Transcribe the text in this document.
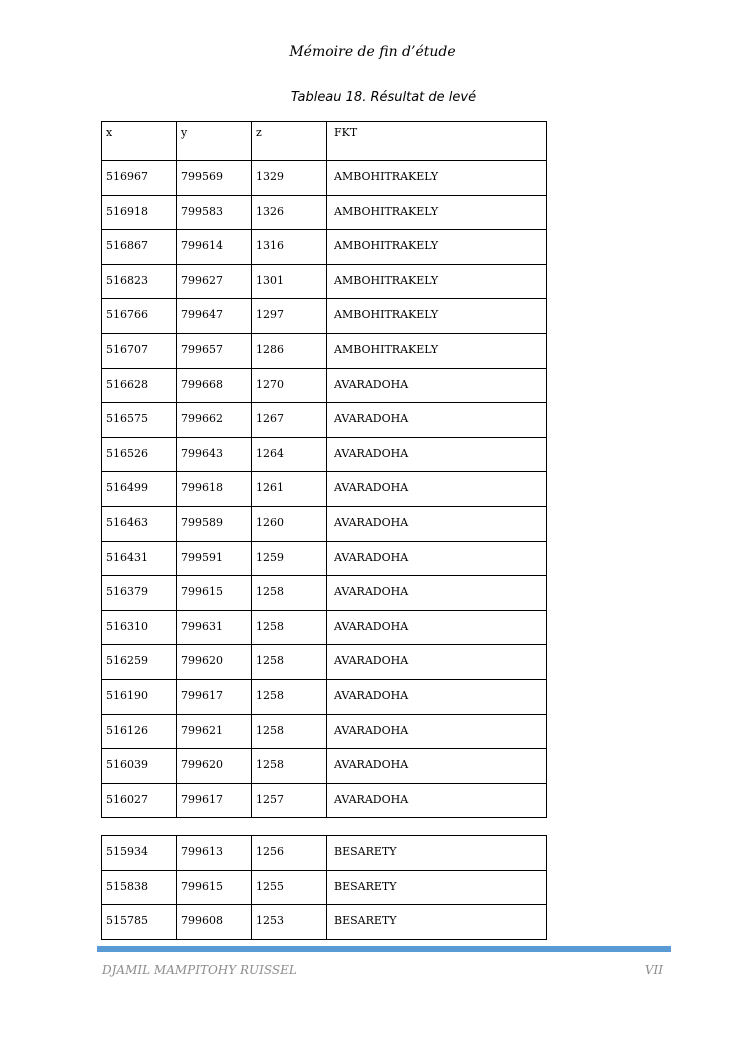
Mémoire de fin d’étude
Tableau 18. Résultat de levé
x	y	z	FKT
516967	799569	1329	AMBOHITRAKELY
516918	799583	1326	AMBOHITRAKELY
516867	799614	1316	AMBOHITRAKELY
516823	799627	1301	AMBOHITRAKELY
516766	799647	1297	AMBOHITRAKELY
516707	799657	1286	AMBOHITRAKELY
516628	799668	1270	AVARADOHA
516575	799662	1267	AVARADOHA
516526	799643	1264	AVARADOHA
516499	799618	1261	AVARADOHA
516463	799589	1260	AVARADOHA
516431	799591	1259	AVARADOHA
516379	799615	1258	AVARADOHA
516310	799631	1258	AVARADOHA
516259	799620	1258	AVARADOHA
516190	799617	1258	AVARADOHA
516126	799621	1258	AVARADOHA
516039	799620	1258	AVARADOHA
516027	799617	1257	AVARADOHA
515934	799613	1256	BESARETY
515838	799615	1255	BESARETY
515785	799608	1253	BESARETY
DJAMIL MAMPITOHY RUISSEL	VII
